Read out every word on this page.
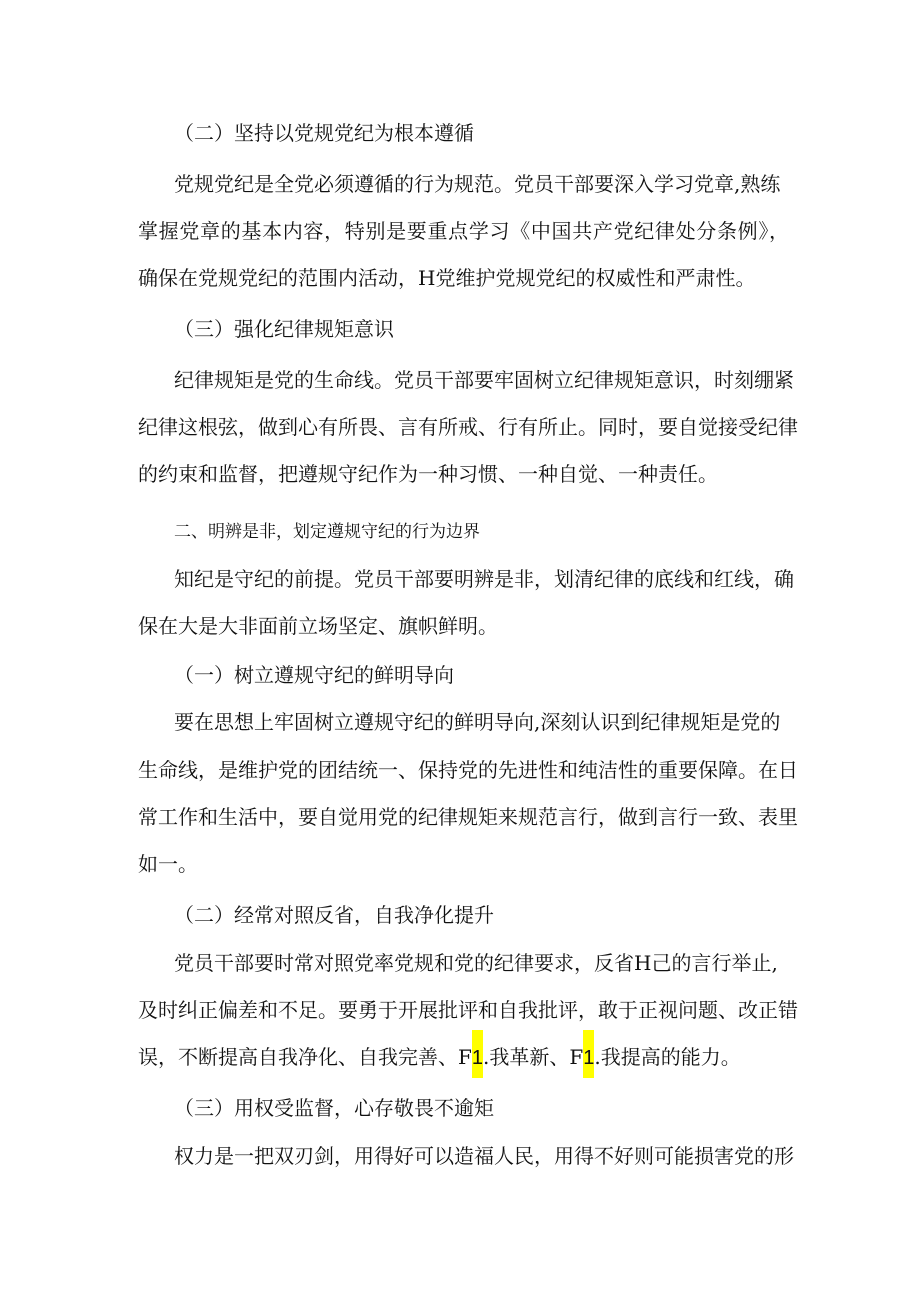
（二）坚持以党规党纪为根本遵循
党规党纪是全党必须遵循的行为规范。党员干部要深入学习党章,熟练
掌握党章的基本内容，特别是要重点学习《中国共产党纪律处分条例》，
确保在党规党纪的范围内活动，H党维护党规党纪的权威性和严肃性。
（三）强化纪律规矩意识
纪律规矩是党的生命线。党员干部要牢固树立纪律规矩意识，时刻绷紧
纪律这根弦，做到心有所畏、言有所戒、行有所止。同时，要自觉接受纪律
的约束和监督，把遵规守纪作为一种习惯、一种自觉、一种责任。
二、明辨是非，划定遵规守纪的行为边界
知纪是守纪的前提。党员干部要明辨是非，划清纪律的底线和红线，确
保在大是大非面前立场坚定、旗帜鲜明。
（一）树立遵规守纪的鲜明导向
要在思想上牢固树立遵规守纪的鲜明导向,深刻认识到纪律规矩是党的
生命线，是维护党的团结统一、保持党的先进性和纯洁性的重要保障。在日
常工作和生活中，要自觉用党的纪律规矩来规范言行，做到言行一致、表里
如一。
（二）经常对照反省，自我净化提升
党员干部要时常对照党率党规和党的纪律要求，反省H己的言行举止,
及时纠正偏差和不足。要勇于开展批评和自我批评，敢于正视问题、改正错
误，不断提高自我净化、自我完善、F1.我革新、F1.我提高的能力。
（三）用权受监督，心存敬畏不逾矩
权力是一把双刃剑，用得好可以造福人民，用得不好则可能损害党的形
